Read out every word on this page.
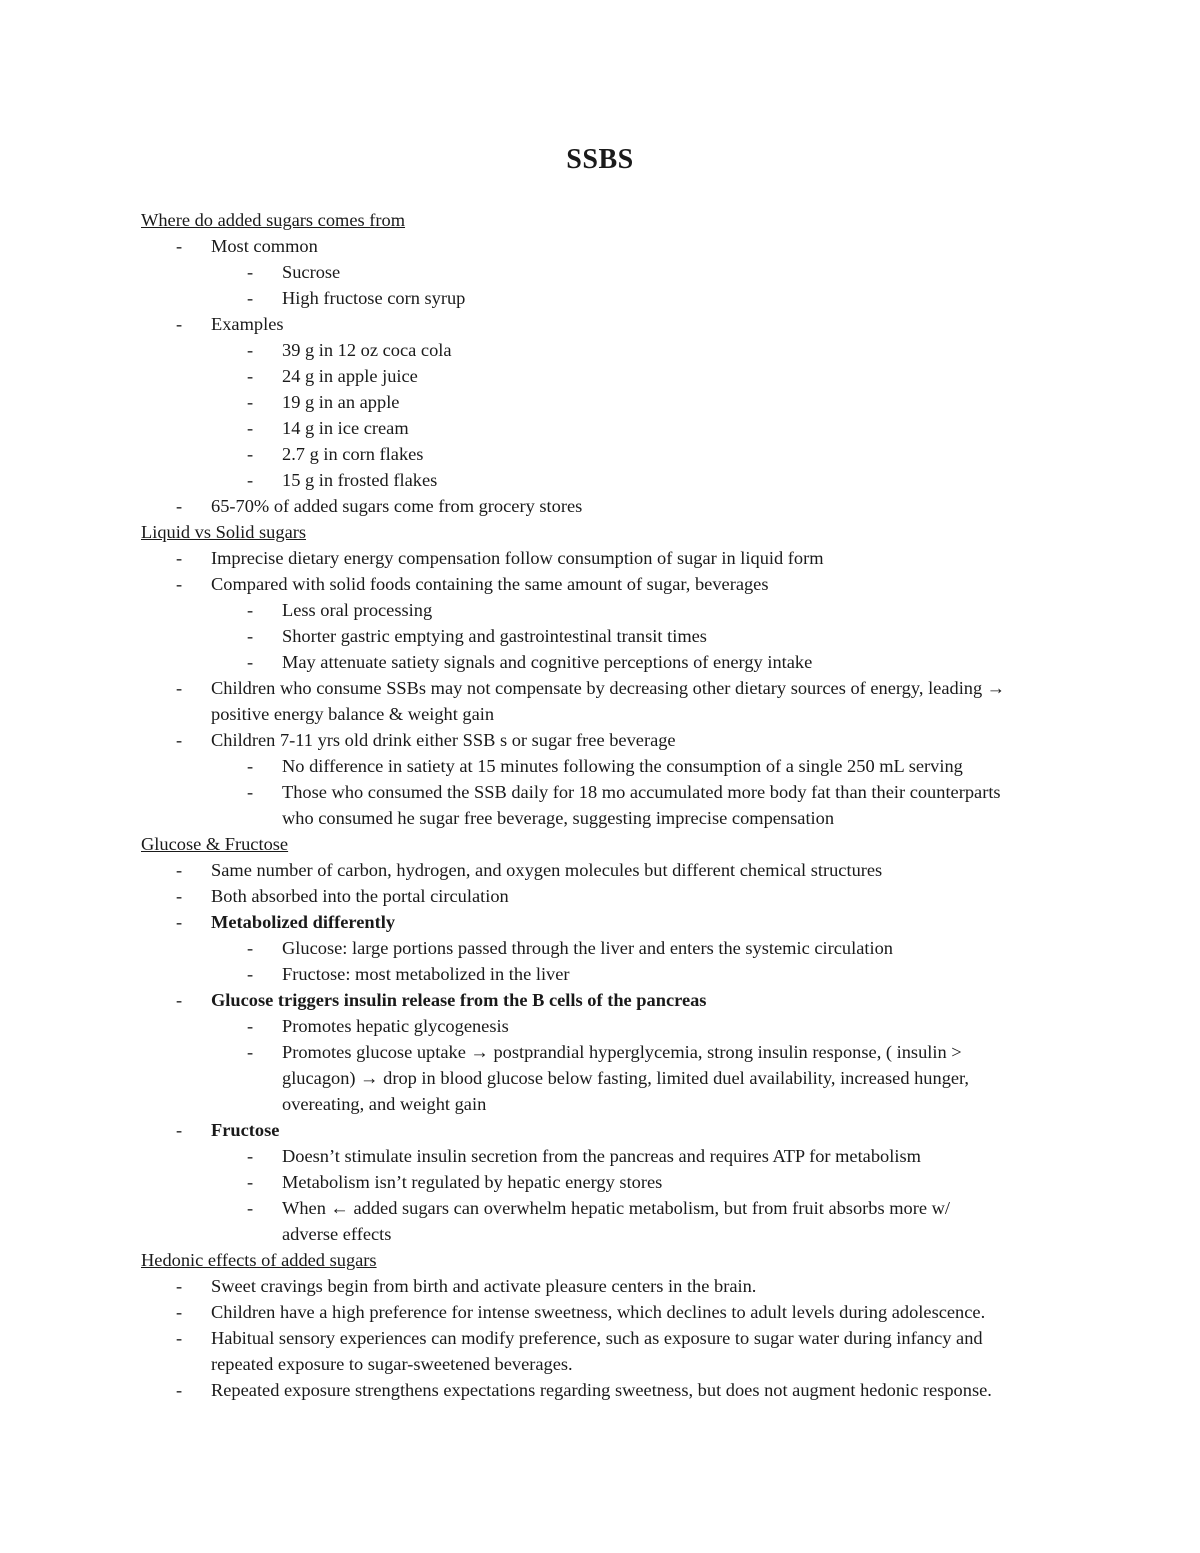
SSBS
Where do added sugars comes from
- Most common
- Sucrose
- High fructose corn syrup
- Examples
- 39 g in 12 oz coca cola
- 24 g in apple juice
- 19 g in an apple
- 14 g in ice cream
- 2.7 g in corn flakes
- 15 g in frosted flakes
- 65-70% of added sugars come from grocery stores
Liquid vs Solid sugars
- Imprecise dietary energy compensation follow consumption of sugar in liquid form
- Compared with solid foods containing the same amount of sugar, beverages
- Less oral processing
- Shorter gastric emptying and gastrointestinal transit times
- May attenuate satiety signals and cognitive perceptions of energy intake
- Children who consume SSBs may not compensate by decreasing other dietary sources of energy, leading →
positive energy balance & weight gain
- Children 7-11 yrs old drink either SSB s or sugar free beverage
- No difference in satiety at 15 minutes following the consumption of a single 250 mL serving
- Those who consumed the SSB daily for 18 mo accumulated more body fat than their counterparts
who consumed he sugar free beverage, suggesting imprecise compensation
Glucose & Fructose
- Same number of carbon, hydrogen, and oxygen molecules but different chemical structures
- Both absorbed into the portal circulation
- Metabolized differently
- Glucose: large portions passed through the liver and enters the systemic circulation
- Fructose: most metabolized in the liver
- Glucose triggers insulin release from the B cells of the pancreas
- Promotes hepatic glycogenesis
- Promotes glucose uptake → postprandial hyperglycemia, strong insulin response, ( insulin >
glucagon) → drop in blood glucose below fasting, limited duel availability, increased hunger,
overeating, and weight gain
- Fructose
- Doesn’t stimulate insulin secretion from the pancreas and requires ATP for metabolism
- Metabolism isn’t regulated by hepatic energy stores
- When ← added sugars can overwhelm hepatic metabolism, but from fruit absorbs more w/
adverse effects
Hedonic effects of added sugars
- Sweet cravings begin from birth and activate pleasure centers in the brain.
- Children have a high preference for intense sweetness, which declines to adult levels during adolescence.
- Habitual sensory experiences can modify preference, such as exposure to sugar water during infancy and
repeated exposure to sugar-sweetened beverages.
- Repeated exposure strengthens expectations regarding sweetness, but does not augment hedonic response.
